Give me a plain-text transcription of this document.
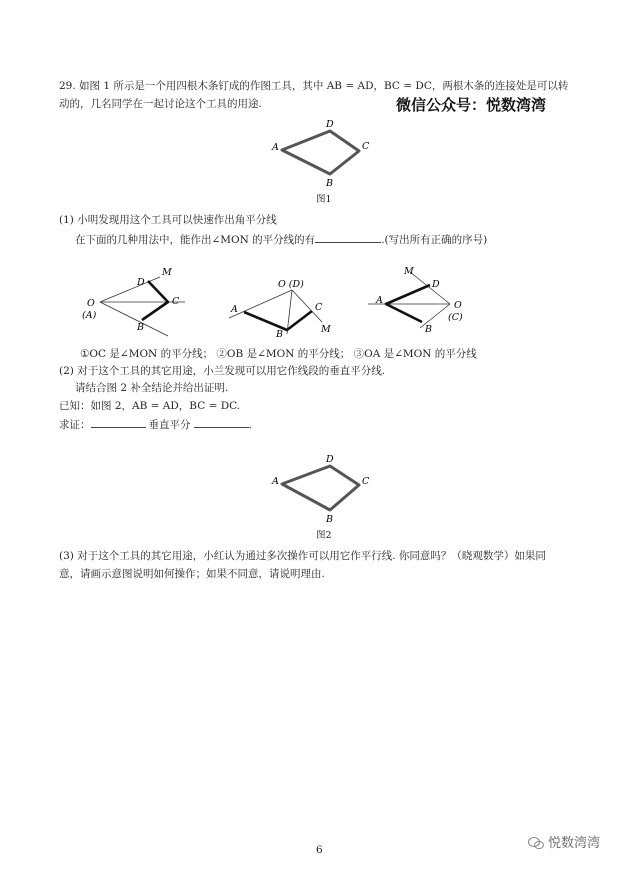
29. 如图 1 所示是一个用四根木条钉成的作图工具，其中 AB = AD，BC = DC，两根木条的连接处是可以转
动的，几名同学在一起讨论这个工具的用途.	微信公众号：悦数湾湾
A
D
C
B
图1
(1) 小明发现用这个工具可以快速作出角平分线
在下面的几种用法中，能作出∠MON 的平分线的有	.(写出所有正确的序号)
O
(A)
D
M
C
B
O (D)
A	C
M
B
M
D
A	O
(C)
B
①OC 是∠MON 的平分线； ②OB 是∠MON 的平分线； ③OA 是∠MON 的平分线
(2) 对于这个工具的其它用途，小兰发现可以用它作线段的垂直平分线.
请结合图 2 补全结论并给出证明.
已知：如图 2，AB = AD，BC = DC.
求证：	垂直平分	.
A
D
C
B
图2
(3) 对于这个工具的其它用途，小红认为通过多次操作可以用它作平行线. 你同意吗？（晓观数学）如果同
意，请画示意图说明如何操作；如果不同意，请说明理由.
6	悦数湾湾
